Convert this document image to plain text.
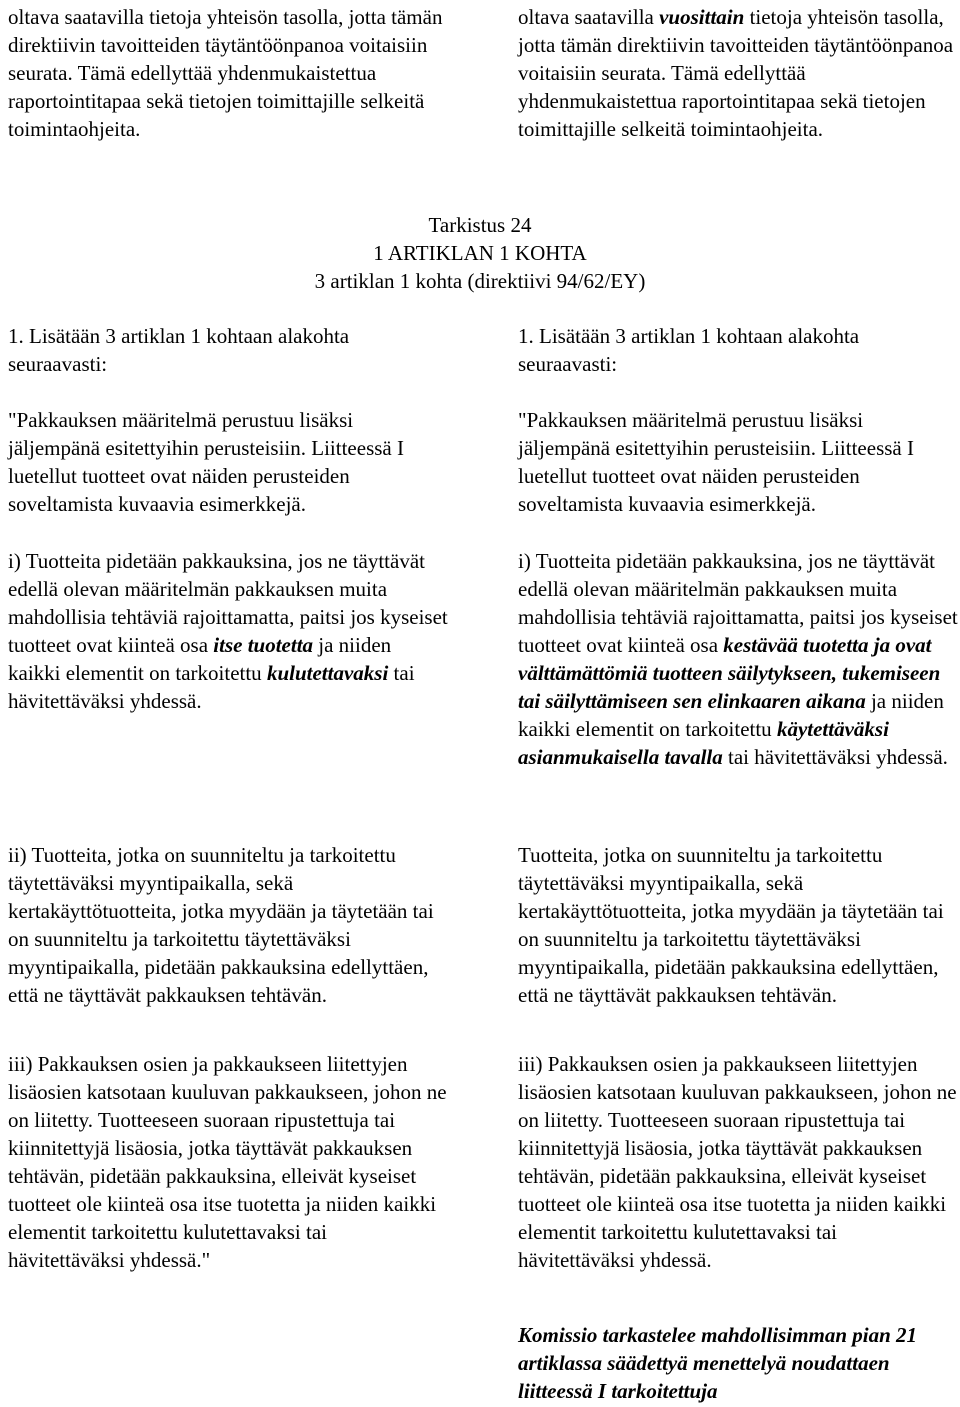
oltava saatavilla tietoja yhteisön tasolla, jotta tämän direktiivin tavoitteiden täytäntöönpanoa voitaisiin seurata. Tämä edellyttää yhdenmukaistettua raportointitapaa sekä tietojen toimittajille selkeitä toimintaohjeita.

oltava saatavilla vuosittain tietoja yhteisön tasolla, jotta tämän direktiivin tavoitteiden täytäntöönpanoa voitaisiin seurata. Tämä edellyttää yhdenmukaistettua raportointitapaa sekä tietojen toimittajille selkeitä toimintaohjeita.

Tarkistus 24

1 ARTIKLAN 1 KOHTA

3 artiklan 1 kohta (direktiivi 94/62/EY)

1. Lisätään 3 artiklan 1 kohtaan alakohta seuraavasti:

"Pakkauksen määritelmä perustuu lisäksi jäljempänä esitettyihin perusteisiin. Liitteessä I luetellut tuotteet ovat näiden perusteiden soveltamista kuvaavia esimerkkejä.

i) Tuotteita pidetään pakkauksina, jos ne täyttävät edellä olevan määritelmän pakkauksen muita mahdollisia tehtäviä rajoittamatta, paitsi jos kyseiset tuotteet ovat kiinteä osa itse tuotetta ja niiden kaikki elementit on tarkoitettu kulutettavaksi tai hävitettäväksi yhdessä.

ii) Tuotteita, jotka on suunniteltu ja tarkoitettu täytettäväksi myyntipaikalla, sekä kertakäyttötuotteita, jotka myydään ja täytetään tai on suunniteltu ja tarkoitettu täytettäväksi myyntipaikalla, pidetään pakkauksina edellyttäen, että ne täyttävät pakkauksen tehtävän.

iii) Pakkauksen osien ja pakkaukseen liitettyjen lisäosien katsotaan kuuluvan pakkaukseen, johon ne on liitetty. Tuotteeseen suoraan ripustettuja tai kiinnitettyjä lisäosia, jotka täyttävät pakkauksen tehtävän, pidetään pakkauksina, elleivät kyseiset tuotteet ole kiinteä osa itse tuotetta ja niiden kaikki elementit tarkoitettu kulutettavaksi tai hävitettäväksi yhdessä."

1. Lisätään 3 artiklan 1 kohtaan alakohta seuraavasti:

"Pakkauksen määritelmä perustuu lisäksi jäljempänä esitettyihin perusteisiin. Liitteessä I luetellut tuotteet ovat näiden perusteiden soveltamista kuvaavia esimerkkejä.

i) Tuotteita pidetään pakkauksina, jos ne täyttävät edellä olevan määritelmän pakkauksen muita mahdollisia tehtäviä rajoittamatta, paitsi jos kyseiset tuotteet ovat kiinteä osa kestävää tuotetta ja ovat välttämättömiä tuotteen säilytykseen, tukemiseen tai säilyttämiseen sen elinkaaren aikana ja niiden kaikki elementit on tarkoitettu käytettäväksi asianmukaisella tavalla tai hävitettäväksi yhdessä.

Tuotteita, jotka on suunniteltu ja tarkoitettu täytettäväksi myyntipaikalla, sekä kertakäyttötuotteita, jotka myydään ja täytetään tai on suunniteltu ja tarkoitettu täytettäväksi myyntipaikalla, pidetään pakkauksina edellyttäen, että ne täyttävät pakkauksen tehtävän.

iii) Pakkauksen osien ja pakkaukseen liitettyjen lisäosien katsotaan kuuluvan pakkaukseen, johon ne on liitetty. Tuotteeseen suoraan ripustettuja tai kiinnitettyjä lisäosia, jotka täyttävät pakkauksen tehtävän, pidetään pakkauksina, elleivät kyseiset tuotteet ole kiinteä osa itse tuotetta ja niiden kaikki elementit tarkoitettu kulutettavaksi tai hävitettäväksi yhdessä.

Komissio tarkastelee mahdollisimman pian 21 artiklassa säädettyä menettelyä noudattaen liitteessä I tarkoitettuja
